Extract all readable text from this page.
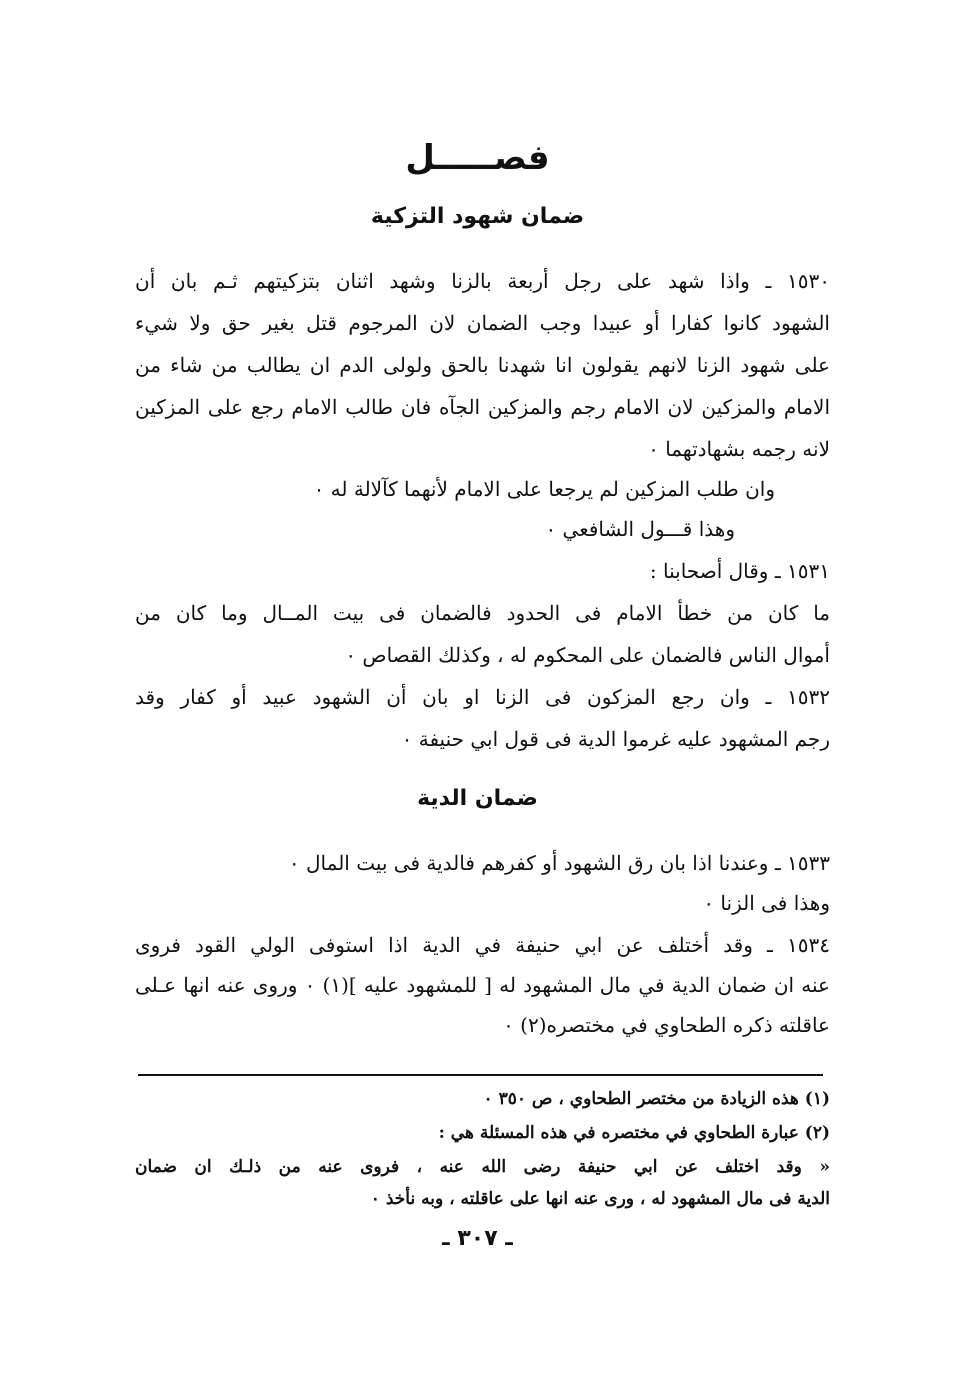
فصـــــل
ضمان شهود التزكية
١٥٣٠ ـ واذا شهد على رجل أربعة بالزنا وشهد اثنان بتزكيتهم ثـم بان أن
الشهود كانوا كفارا أو عبيدا وجب الضمان لان المرجوم قتل بغير حق ولا شيء
على شهود الزنا لانهم يقولون انا شهدنا بالحق ولولى الدم ان يطالب من شاء من
الامام والمزكين لان الامام رجم والمزكين الجآه فان طالب الامام رجع على المزكين
لانه رجمه بشهادتهما ٠
وان طلب المزكين لم يرجعا على الامام لأنهما كآلالة له ٠
وهذا قـــول الشافعي ٠
١٥٣١ ـ وقال أصحابنا :
ما كان من خطأ الامام فى الحدود فالضمان فى بيت المــال وما كان من
أموال الناس فالضمان على المحكوم له ، وكذلك القصاص ٠
١٥٣٢ ـ وان رجع المزكون فى الزنا او بان أن الشهود عبيد أو كفار وقد
رجم المشهود عليه غرموا الدية فى قول ابي حنيفة ٠
ضمان الدية
١٥٣٣ ـ وعندنا اذا بان رق الشهود أو كفرهم فالدية فى بيت المال ٠
وهذا فى الزنا ٠
١٥٣٤ ـ وقد أختلف عن ابي حنيفة في الدية اذا استوفى الولي القود فروى
عنه ان ضمان الدية في مال المشهود له [ للمشهود عليه ](١) ٠ وروى عنه انها عـلى
عاقلته ذكره الطحاوي في مختصره(٢) ٠
(١) هذه الزيادة من مختصر الطحاوي ، ص ٣٥٠ ٠
(٢) عبارة الطحاوي في مختصره في هذه المسئلة هي :
« وقد اختلف عن ابي حنيفة رضى الله عنه ، فروى عنه من ذلـك ان ضمان
الدية فى مال المشهود له ، ورى عنه انها على عاقلته ، وبه نأخذ ٠
ـ ٣٠٧ ـ
